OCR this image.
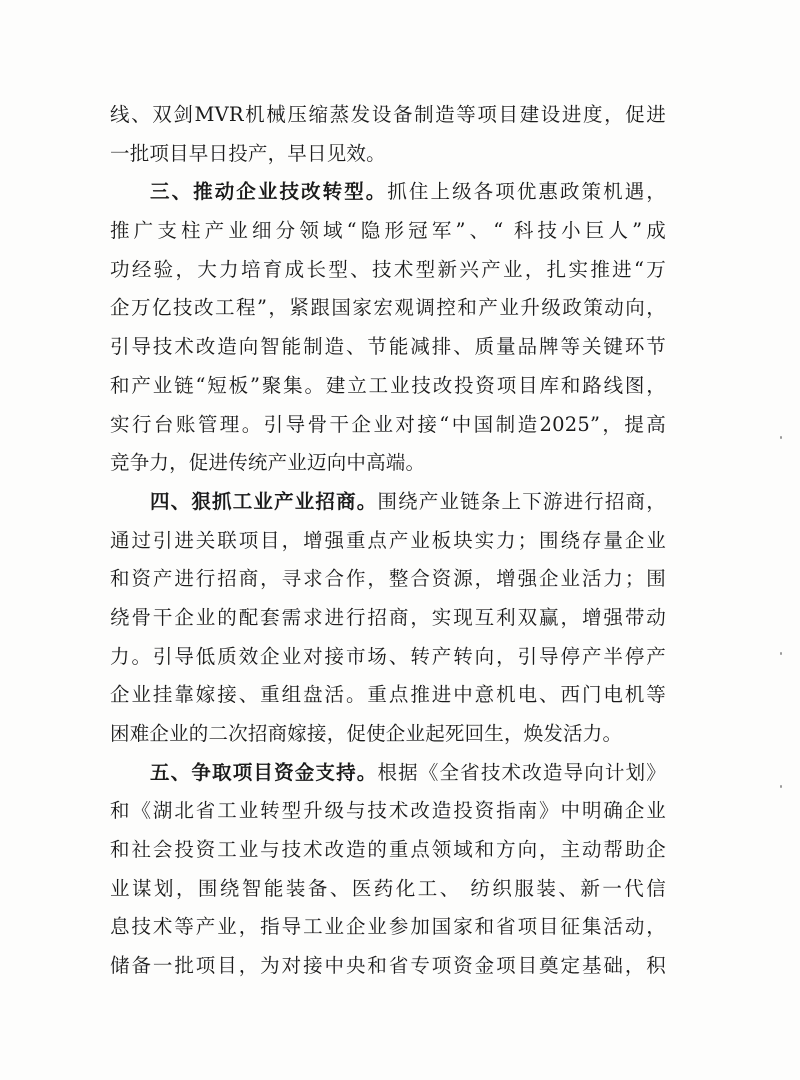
线、双剑MVR机械压缩蒸发设备制造等项目建设进度，促进
一批项目早日投产，早日见效。
三、推动企业技改转型。抓住上级各项优惠政策机遇，
推广支柱产业细分领域“隐形冠军”、“ 科技小巨人”成
功经验，大力培育成长型、技术型新兴产业，扎实推进“万
企万亿技改工程”，紧跟国家宏观调控和产业升级政策动向，
引导技术改造向智能制造、节能减排、质量品牌等关键环节
和产业链“短板”聚集。建立工业技改投资项目库和路线图，
实行台账管理。引导骨干企业对接“中国制造2025”，提高
竞争力，促进传统产业迈向中高端。
四、狠抓工业产业招商。围绕产业链条上下游进行招商，
通过引进关联项目，增强重点产业板块实力；围绕存量企业
和资产进行招商，寻求合作，整合资源，增强企业活力；围
绕骨干企业的配套需求进行招商，实现互利双赢，增强带动
力。引导低质效企业对接市场、转产转向，引导停产半停产
企业挂靠嫁接、重组盘活。重点推进中意机电、西门电机等
困难企业的二次招商嫁接，促使企业起死回生，焕发活力。
五、争取项目资金支持。根据《全省技术改造导向计划》
和《湖北省工业转型升级与技术改造投资指南》中明确企业
和社会投资工业与技术改造的重点领域和方向，主动帮助企
业谋划，围绕智能装备、医药化工、 纺织服装、新一代信
息技术等产业，指导工业企业参加国家和省项目征集活动，
储备一批项目，为对接中央和省专项资金项目奠定基础，积
